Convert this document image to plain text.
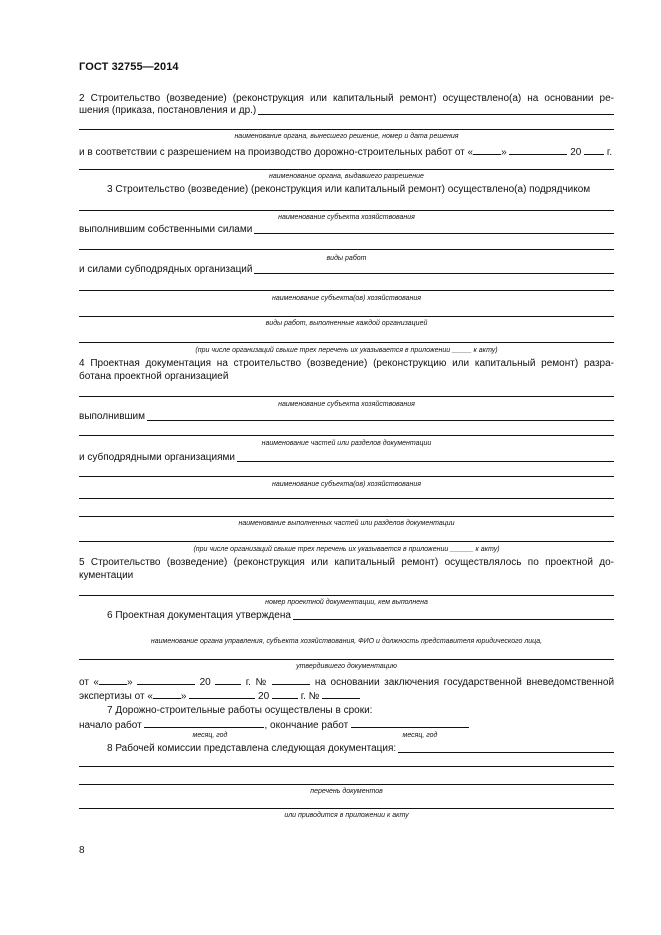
ГОСТ 32755—2014
2 Строительство (возведение) (реконструкция или капитальный ремонт) осуществлено(а) на основании ре-
шения (приказа, постановления и др.)
наименование органа, вынесшего решение, номер и дата решения
и в соответствии с разрешением на производство дорожно-строительных работ от «	»	20	г.
наименование органа, выдавшего разрешение
3 Строительство (возведение) (реконструкция или капитальный ремонт) осуществлено(а) подрядчиком
наименование субъекта хозяйствования
выполнившим собственными силами
виды работ
и силами субподрядных организаций
наименование субъекта(ов) хозяйствования
виды работ, выполненные каждой организацией
(при числе организаций свыше трех перечень их указывается в приложении _____ к акту)
4 Проектная документация на строительство (возведение) (реконструкцию или капитальный ремонт) разра-
ботана проектной организацией
наименование субъекта хозяйствования
выполнившим
наименование частей или разделов документации
и субподрядными организациями
наименование субъекта(ов) хозяйствования
наименование выполненных частей или разделов документации
(при числе организаций свыше трех перечень их указывается в приложении ______ к акту)
5 Строительство (возведение) (реконструкция или капитальный ремонт) осуществлялось по проектной до-
кументации
номер проектной документации, кем выполнена
6 Проектная документация утверждена
наименование органа управления, субъекта хозяйствования, ФИО и должность представителя юридического лица,
утвердившего документацию
от «	»	20	г. №	на основании заключения государственной вневедомственной
экспертизы от «	»	20	г. №
7 Дорожно-строительные работы осуществлены в сроки:
начало работ	, окончание работ
месяц, год	месяц, год
8 Рабочей комиссии представлена следующая документация:
перечень документов
или приводится в приложении к акту
8
